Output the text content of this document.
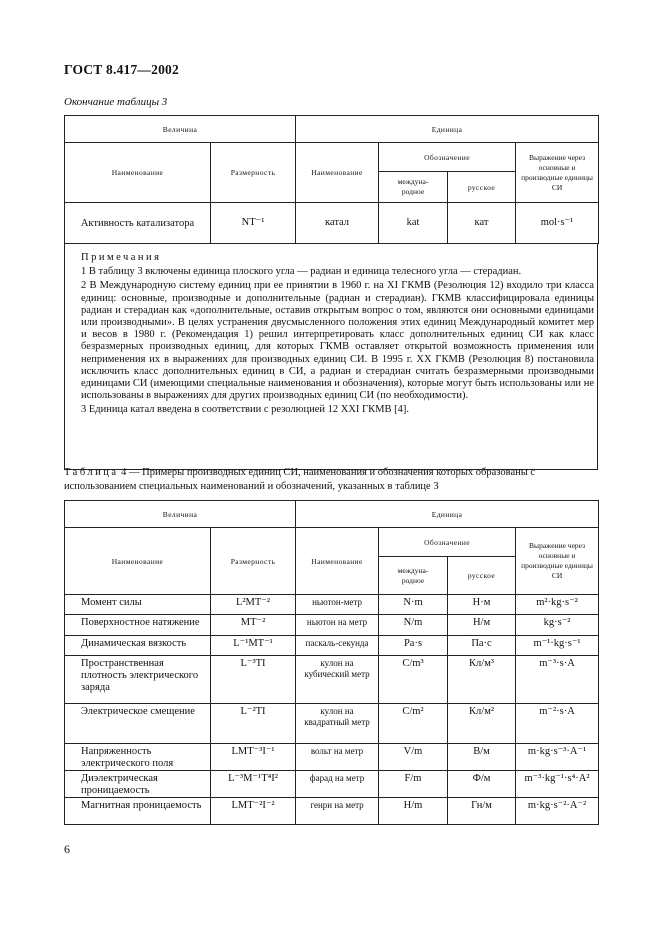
ГОСТ 8.417—2002
Окончание таблицы 3
Величина		Единица			
Наименование	Размерность	Наименование	Обозначение		Выражение через основные и производные единицы СИ
			междуна-
родное	русское	
Активность катализатора	NT⁻¹	катал	kat	кат	mol·s⁻¹

Примечания

1 В таблицу 3 включены единица плоского угла — радиан и единица телесного угла — стерадиан.

2 В Международную систему единиц при ее принятии в 1960 г. на XI ГКМВ (Резолюция 12) входило три класса единиц: основные, производные и дополнительные (радиан и стерадиан). ГКМВ классифицировала единицы радиан и стерадиан как «дополнительные, оставив открытым вопрос о том, являются они основными единицами или производными». В целях устранения двусмысленного положения этих единиц Международный комитет мер и весов в 1980 г. (Рекомендация 1) решил интерпретировать класс дополнительных единиц СИ как класс безразмерных производных единиц, для которых ГКМВ оставляет открытой возможность применения или неприменения их в выражениях для производных единиц СИ. В 1995 г. XX ГКМВ (Резолюция 8) постановила исключить класс дополнительных единиц в СИ, а радиан и стерадиан считать безразмерными производными единицами СИ (имеющими специальные наименования и обозначения), которые могут быть использованы или не использованы в выражениях для других производных единиц СИ (по необходимости).

3 Единица катал введена в соответствии с резолюцией 12 XXI ГКМВ [4].

Таблица 4 — Примеры производных единиц СИ, наименования и обозначения которых образованы с использованием специальных наименований и обозначений, указанных в таблице 3
Величина		Единица			
Наименование	Размерность	Наименование	Обозначение		Выражение через основные и производные единицы СИ
			междуна-
родное	русское	
Момент силы	L²MT⁻²	ньютон-метр	N·m	Н·м	m²·kg·s⁻²
Поверхностное натяжение	MT⁻²	ньютон на метр	N/m	Н/м	kg·s⁻²
Динамическая вязкость	L⁻¹MT⁻¹	паскаль-секунда	Pa·s	Па·с	m⁻¹·kg·s⁻¹
Пространственная плотность электрического заряда	L⁻³TI	кулон на кубический метр	C/m³	Кл/м³	m⁻³·s·A
Электрическое смещение	L⁻²TI	кулон на квадратный метр	C/m²	Кл/м²	m⁻²·s·A
Напряженность электрического поля	LMT⁻³I⁻¹	вольт на метр	V/m	В/м	m·kg·s⁻³·A⁻¹
Диэлектрическая проницаемость	L⁻³M⁻¹T⁴I²	фарад на метр	F/m	Ф/м	m⁻³·kg⁻¹·s⁴·A²
Магнитная проницаемость	LMT⁻²I⁻²	генри на метр	H/m	Гн/м	m·kg·s⁻²·A⁻²
6
